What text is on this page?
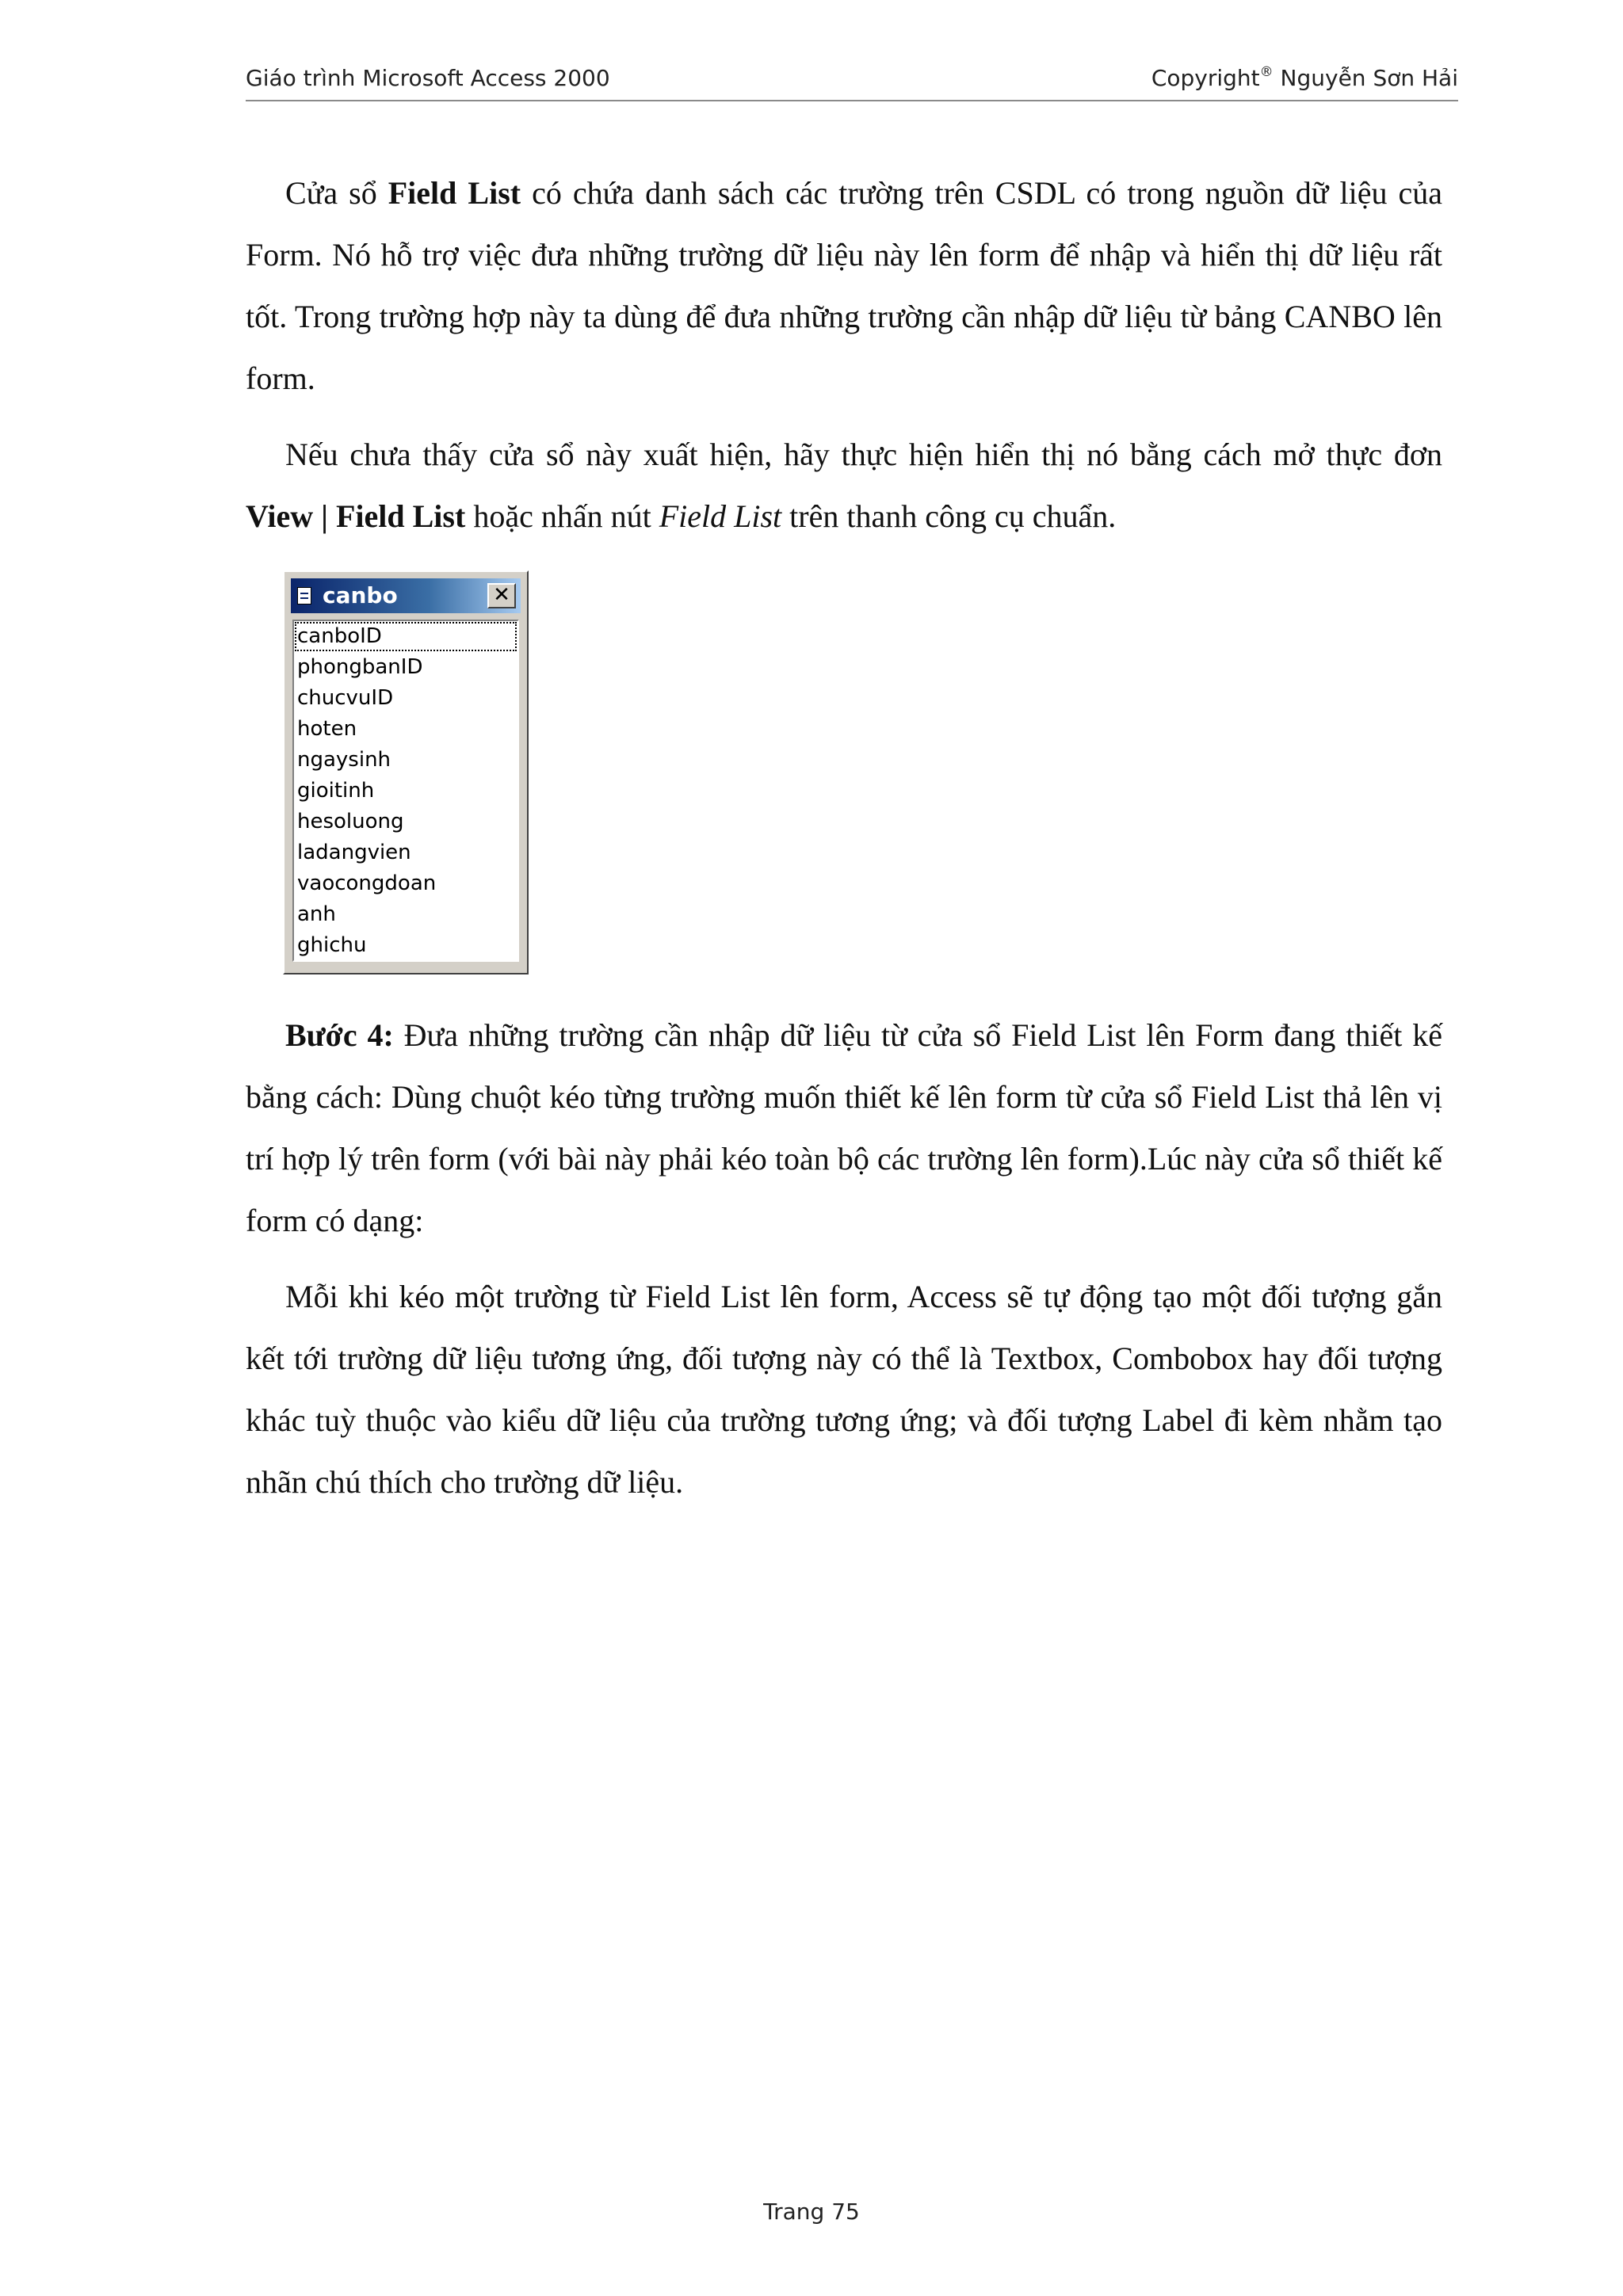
Giáo trình Microsoft Access 2000	Copyright® Nguyễn Sơn Hải

Cửa sổ Field List có chứa danh sách các trường trên CSDL có trong nguồn dữ liệu của Form. Nó hỗ trợ việc đưa những trường dữ liệu này lên form để nhập và hiển thị dữ liệu rất tốt. Trong trường hợp này ta dùng để đưa những trường cần nhập dữ liệu từ bảng CANBO lên form.

Nếu chưa thấy cửa sổ này xuất hiện, hãy thực hiện hiển thị nó bằng cách mở thực đơn View | Field List hoặc nhấn nút Field List trên thanh công cụ chuẩn.

canbo	✕
canboID
phongbanID
chucvuID
hoten
ngaysinh
gioitinh
hesoluong
ladangvien
vaocongdoan
anh
ghichu

Bước 4: Đưa những trường cần nhập dữ liệu từ cửa sổ Field List lên Form đang thiết kế bằng cách: Dùng chuột kéo từng trường muốn thiết kế lên form từ cửa sổ Field List thả lên vị trí hợp lý trên form (với bài này phải kéo toàn bộ các trường lên form).Lúc này cửa sổ thiết kế form có dạng:

Mỗi khi kéo một trường từ Field List lên form, Access sẽ tự động tạo một đối tượng gắn kết tới trường dữ liệu tương ứng, đối tượng này có thể là Textbox, Combobox hay đối tượng khác tuỳ thuộc vào kiểu dữ liệu của trường tương ứng; và đối tượng Label đi kèm nhằm tạo nhãn chú thích cho trường dữ liệu.

Trang 75
